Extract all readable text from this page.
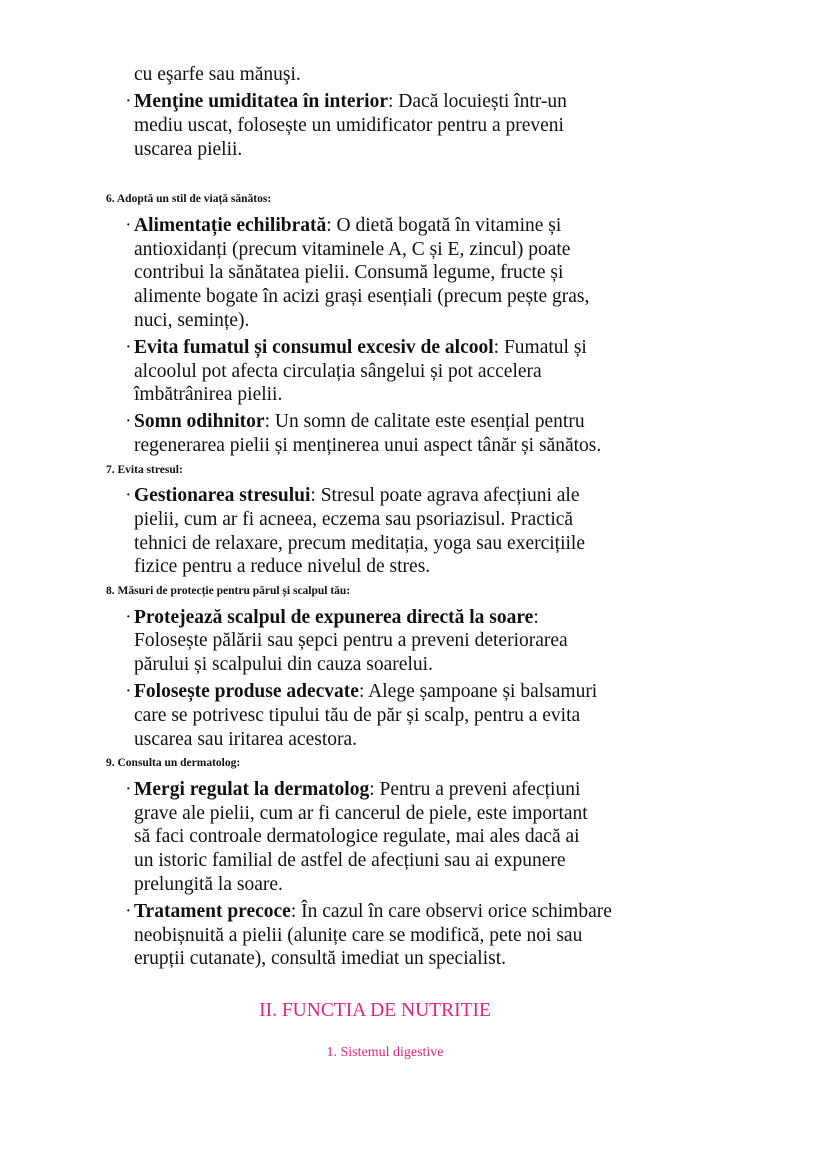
cu eşarfe sau mănuşi.
· Menţine umiditatea în interior: Dacă locuiești într-un
mediu uscat, folosește un umidificator pentru a preveni
uscarea pielii.
6. Adoptă un stil de viață sănătos:
· Alimentație echilibrată: O dietă bogată în vitamine și
antioxidanți (precum vitaminele A, C și E, zincul) poate
contribui la sănătatea pielii. Consumă legume, fructe și
alimente bogate în acizi grași esențiali (precum pește gras,
nuci, semințe).
· Evita fumatul și consumul excesiv de alcool: Fumatul și
alcoolul pot afecta circulația sângelui și pot accelera
îmbătrânirea pielii.
· Somn odihnitor: Un somn de calitate este esențial pentru
regenerarea pielii și menținerea unui aspect tânăr și sănătos.
7. Evita stresul:
· Gestionarea stresului: Stresul poate agrava afecțiuni ale
pielii, cum ar fi acneea, eczema sau psoriazisul. Practică
tehnici de relaxare, precum meditația, yoga sau exercițiile
fizice pentru a reduce nivelul de stres.
8. Măsuri de protecție pentru părul și scalpul tău:
· Protejează scalpul de expunerea directă la soare:
Folosește pălării sau șepci pentru a preveni deteriorarea
părului și scalpului din cauza soarelui.
· Folosește produse adecvate: Alege șampoane și balsamuri
care se potrivesc tipului tău de păr și scalp, pentru a evita
uscarea sau iritarea acestora.
9. Consulta un dermatolog:
· Mergi regulat la dermatolog: Pentru a preveni afecțiuni
grave ale pielii, cum ar fi cancerul de piele, este important
să faci controale dermatologice regulate, mai ales dacă ai
un istoric familial de astfel de afecțiuni sau ai expunere
prelungită la soare.
· Tratament precoce: În cazul în care observi orice schimbare
neobișnuită a pielii (alunițe care se modifică, pete noi sau
erupții cutanate), consultă imediat un specialist.
II. FUNCTIA DE NUTRITIE
1. Sistemul digestive
